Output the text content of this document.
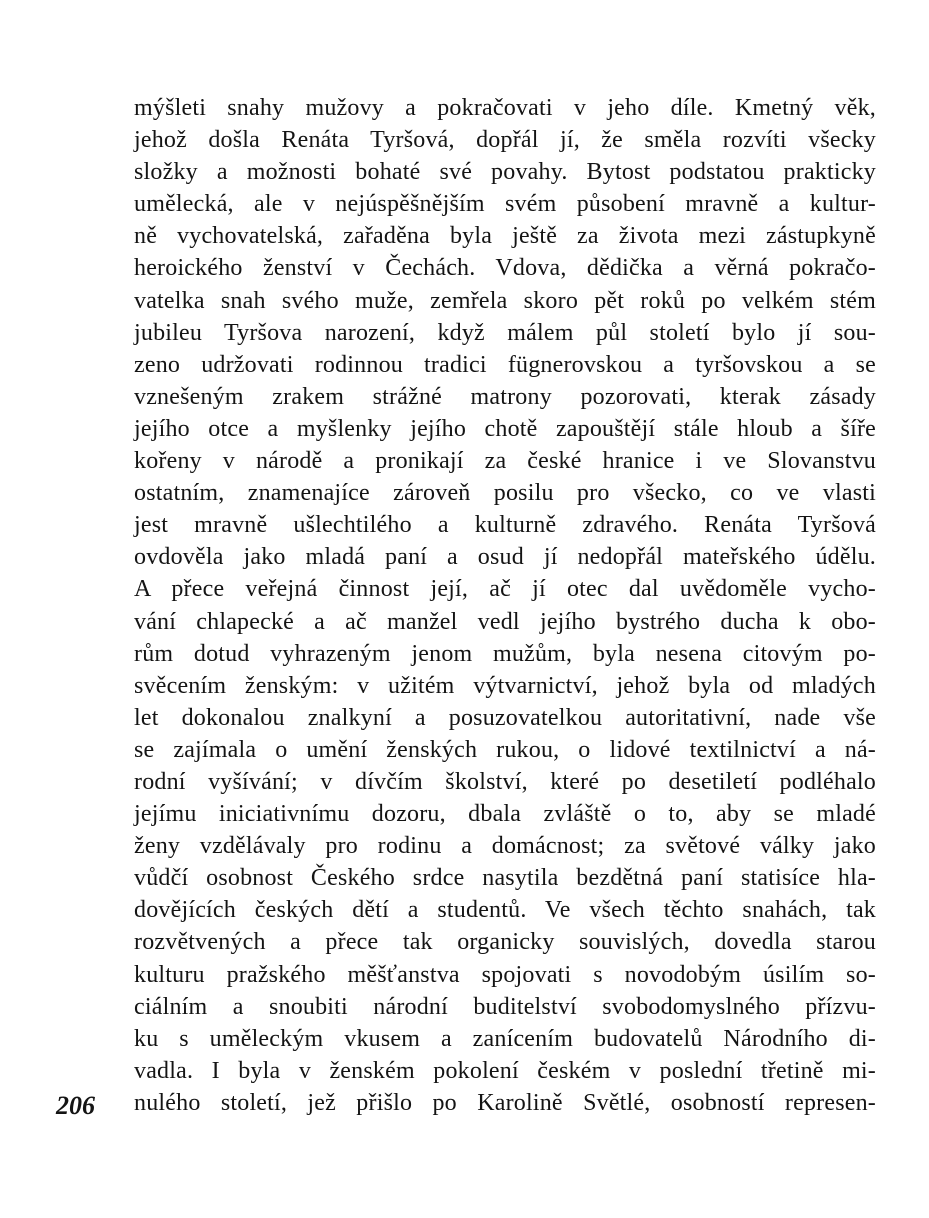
mýšleti snahy mužovy a pokračovati v jeho díle. Kmetný věk,
jehož došla Renáta Tyršová, dopřál jí, že směla rozvíti všecky
složky a možnosti bohaté své povahy. Bytost podstatou prakticky
umělecká, ale v nejúspěšnějším svém působení mravně a kultur-
ně vychovatelská, zařaděna byla ještě za života mezi zástupkyně
heroického ženství v Čechách. Vdova, dědička a věrná pokračo-
vatelka snah svého muže, zemřela skoro pět roků po velkém stém
jubileu Tyršova narození, když málem půl století bylo jí sou-
zeno udržovati rodinnou tradici fügnerovskou a tyršovskou a se
vznešeným zrakem strážné matrony pozorovati, kterak zásady
jejího otce a myšlenky jejího chotě zapouštějí stále hloub a šíře
kořeny v národě a pronikají za české hranice i ve Slovanstvu
ostatním, znamenajíce zároveň posilu pro všecko, co ve vlasti
jest mravně ušlechtilého a kulturně zdravého. Renáta Tyršová
ovdověla jako mladá paní a osud jí nedopřál mateřského údělu.
A přece veřejná činnost její, ač jí otec dal uvědoměle vycho-
vání chlapecké a ač manžel vedl jejího bystrého ducha k obo-
rům dotud vyhrazeným jenom mužům, byla nesena citovým po-
svěcením ženským: v užitém výtvarnictví, jehož byla od mladých
let dokonalou znalkyní a posuzovatelkou autoritativní, nade vše
se zajímala o umění ženských rukou, o lidové textilnictví a ná-
rodní vyšívání; v dívčím školství, které po desetiletí podléhalo
jejímu iniciativnímu dozoru, dbala zvláště o to, aby se mladé
ženy vzdělávaly pro rodinu a domácnost; za světové války jako
vůdčí osobnost Českého srdce nasytila bezdětná paní statisíce hla-
dovějících českých dětí a studentů. Ve všech těchto snahách, tak
rozvětvených a přece tak organicky souvislých, dovedla starou
kulturu pražského měšťanstva spojovati s novodobým úsilím so-
ciálním a snoubiti národní buditelství svobodomyslného přízvu-
ku s uměleckým vkusem a zanícením budovatelů Národního di-
vadla. I byla v ženském pokolení českém v poslední třetině mi-
nulého století, jež přišlo po Karolině Světlé, osobností represen-
206
